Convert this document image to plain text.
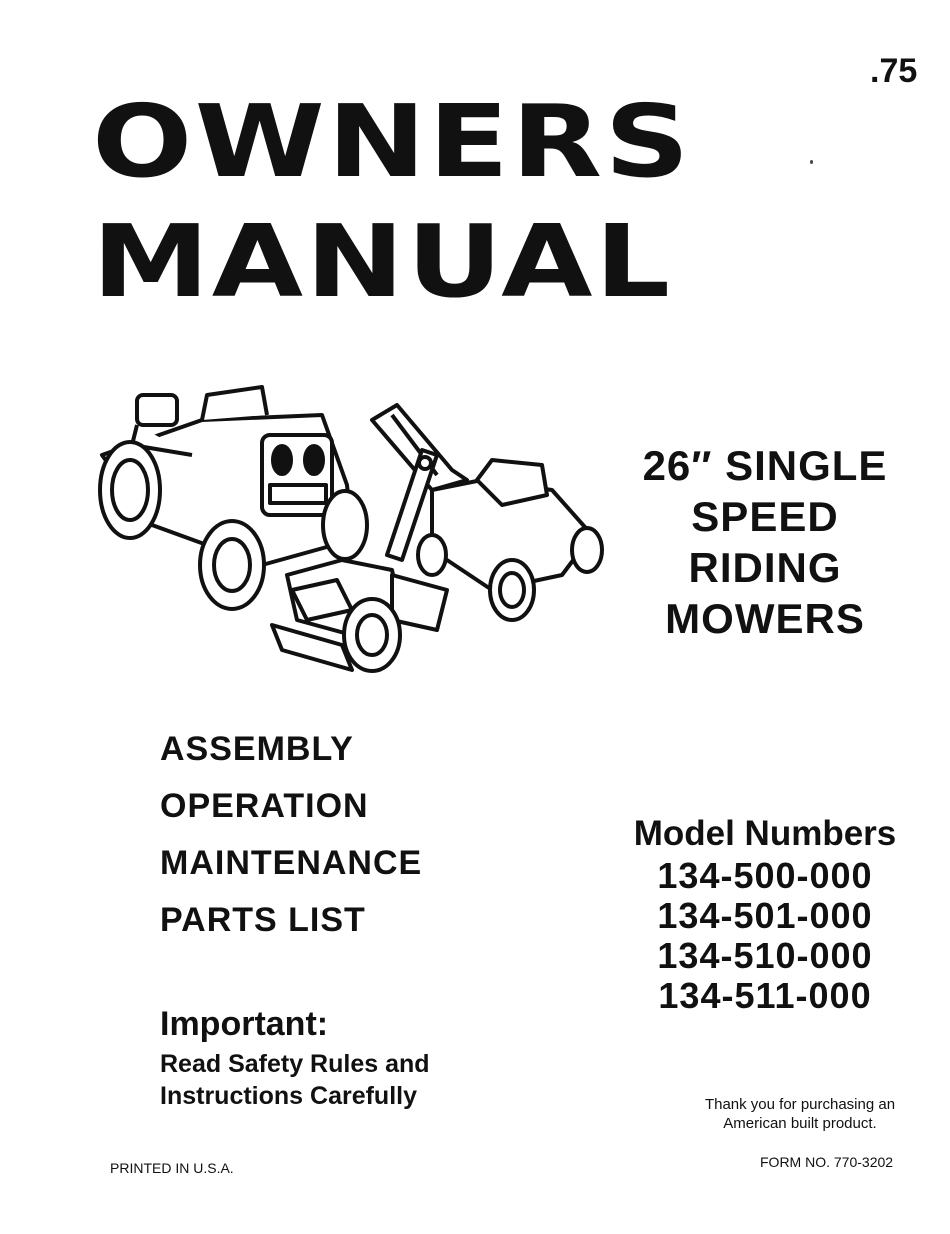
.75
OWNERS
MANUAL
26″ SINGLE
SPEED
RIDING
MOWERS
ASSEMBLY
OPERATION
MAINTENANCE
PARTS LIST
Important:
Read Safety Rules and
Instructions Carefully
Model Numbers
134-500-000
134-501-000
134-510-000
134-511-000
Thank you for purchasing an
American built product.
PRINTED IN U.S.A.	FORM NO. 770-3202
